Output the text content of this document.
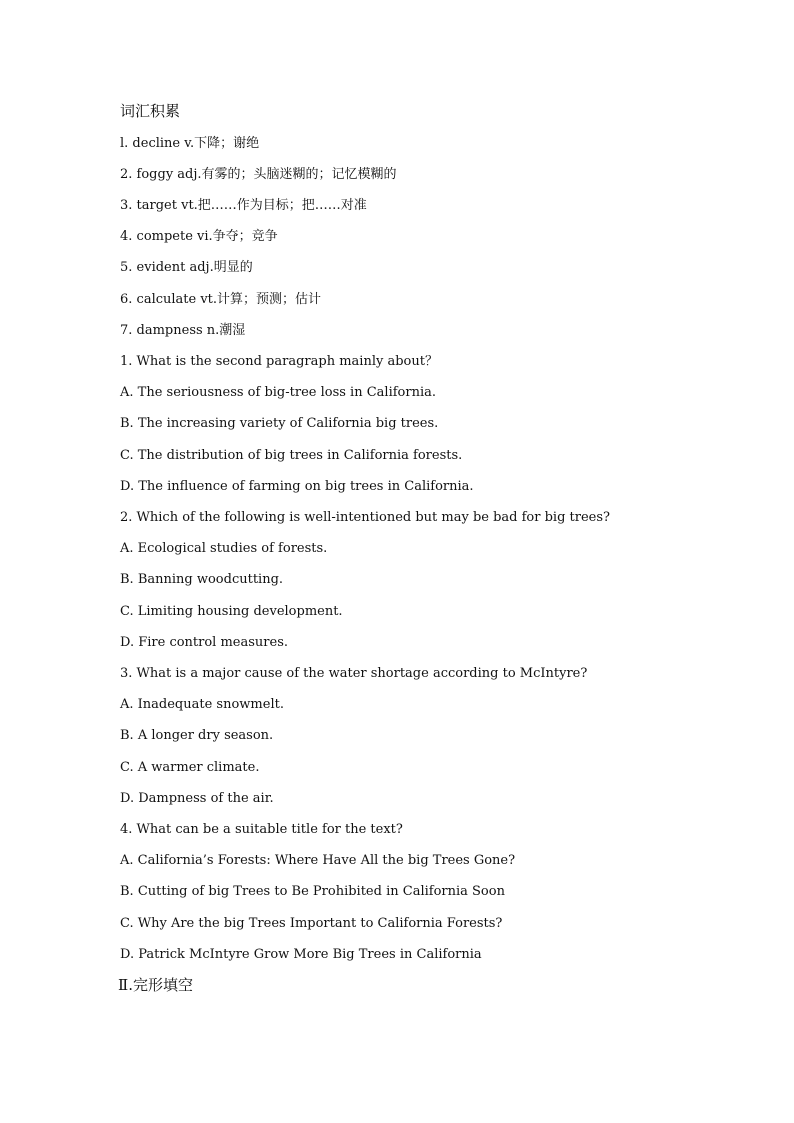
词汇积累
l. decline v.下降；谢绝
2. foggy adj.有雾的；头脑迷糊的；记忆模糊的
3. target vt.把……作为目标；把……对准
4. compete vi.争夺；竞争
5. evident adj.明显的
6. calculate vt.计算；预测；估计
7. dampness n.潮湿
1. What is the second paragraph mainly about？
A. The seriousness of big-tree loss in California.
B. The increasing variety of California big trees.
C. The distribution of big trees in California forests.
D. The influence of farming on big trees in California.
2. Which of the following is well-intentioned but may be bad for big trees?
A. Ecological studies of forests.
B. Banning woodcutting.
C. Limiting housing development.
D. Fire control measures.
3. What is a major cause of the water shortage according to McIntyre?
A. Inadequate snowmelt.
B. A longer dry season.
C. A warmer climate.
D. Dampness of the air.
4. What can be a suitable title for the text?
A. California’s Forests: Where Have All the big Trees Gone?
B. Cutting of big Trees to Be Prohibited in California Soon
C. Why Are the big Trees Important to California Forests?
D. Patrick McIntyre Grow More Big Trees in California
Ⅱ.完形填空
